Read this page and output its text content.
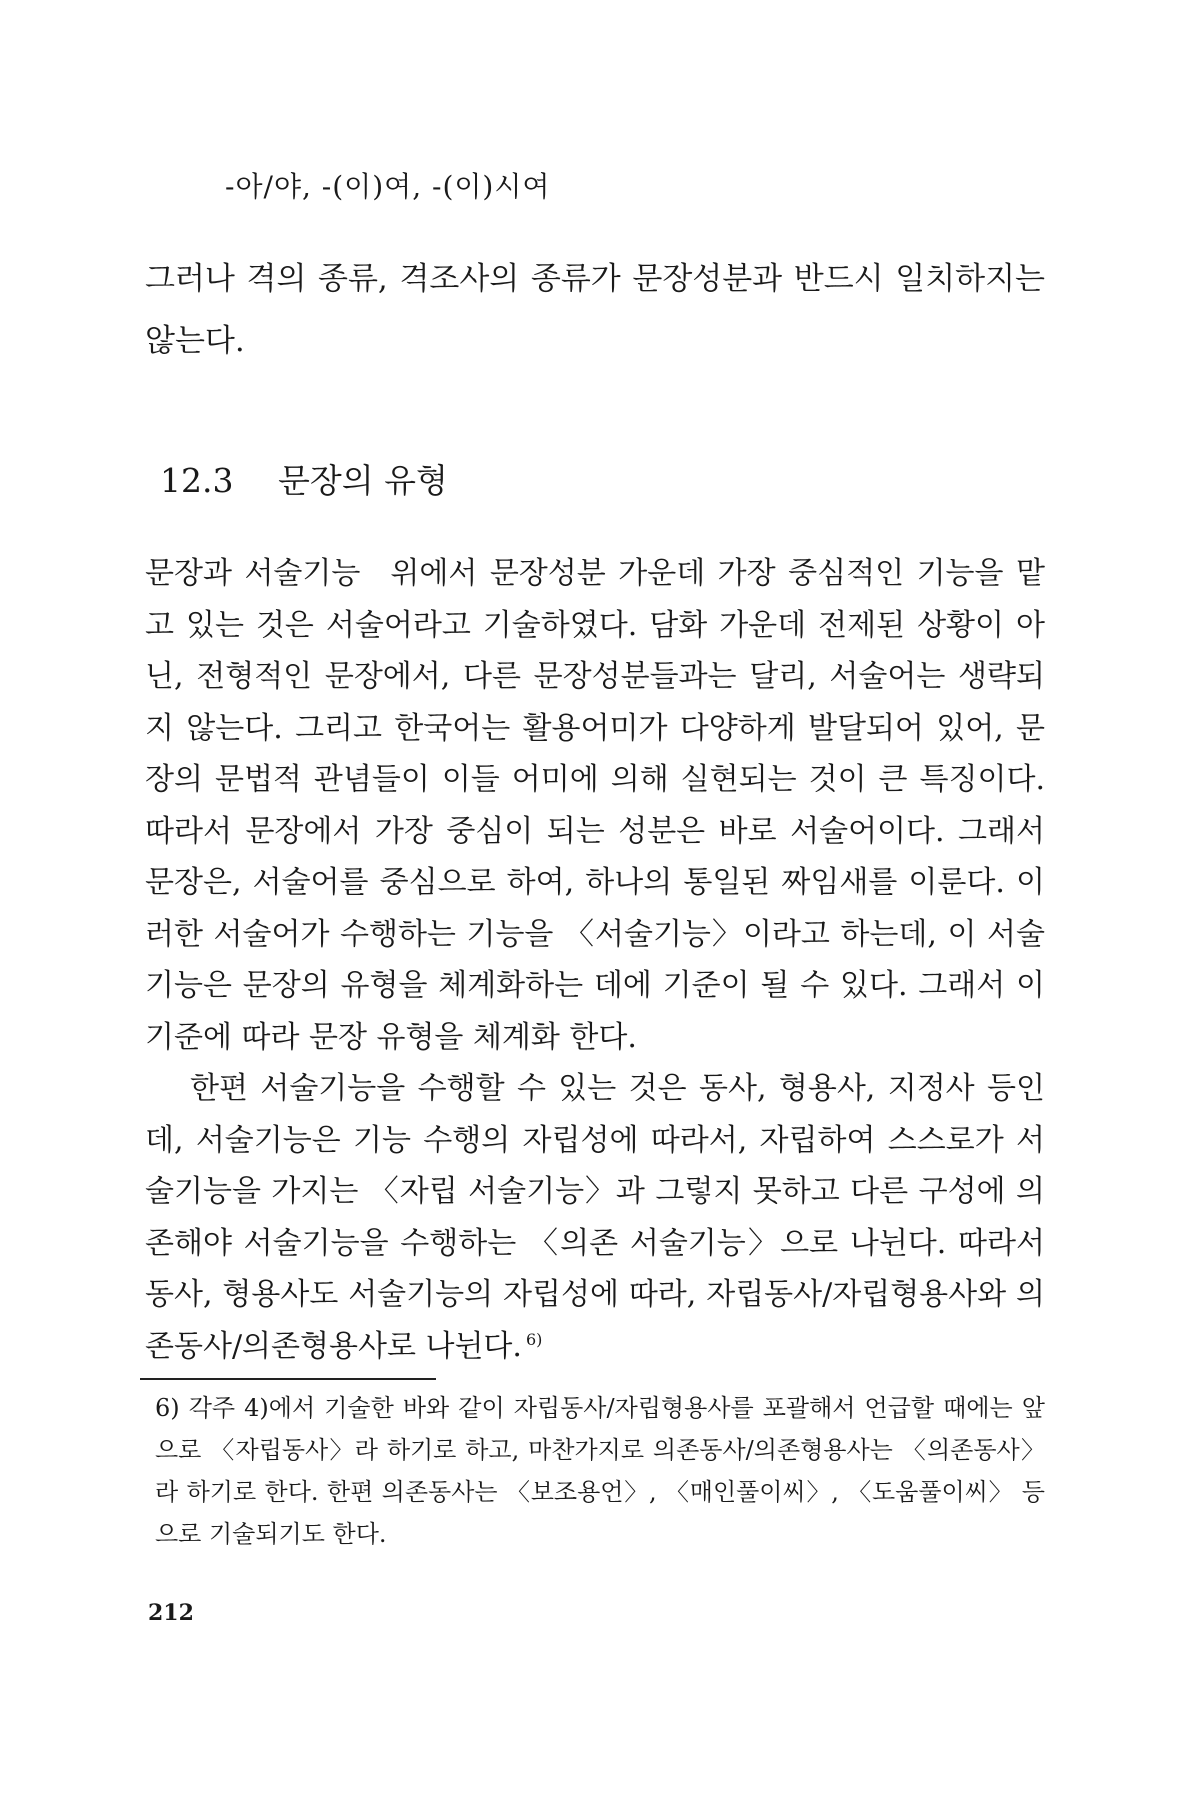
-아/야, -(이)여, -(이)시여

그러나 격의 종류, 격조사의 종류가 문장성분과 반드시 일치하지는 않는다.

12.3 문장의 유형

문장과 서술기능 위에서 문장성분 가운데 가장 중심적인 기능을 맡고 있는 것은 서술어라고 기술하였다. 담화 가운데 전제된 상황이 아닌, 전형적인 문장에서, 다른 문장성분들과는 달리, 서술어는 생략되지 않는다. 그리고 한국어는 활용어미가 다양하게 발달되어 있어, 문장의 문법적 관념들이 이들 어미에 의해 실현되는 것이 큰 특징이다. 따라서 문장에서 가장 중심이 되는 성분은 바로 서술어이다. 그래서 문장은, 서술어를 중심으로 하여, 하나의 통일된 짜임새를 이룬다. 이러한 서술어가 수행하는 기능을 〈서술기능〉이라고 하는데, 이 서술기능은 문장의 유형을 체계화하는 데에 기준이 될 수 있다. 그래서 이 기준에 따라 문장 유형을 체계화 한다.

한편 서술기능을 수행할 수 있는 것은 동사, 형용사, 지정사 등인데, 서술기능은 기능 수행의 자립성에 따라서, 자립하여 스스로가 서술기능을 가지는 〈자립 서술기능〉과 그렇지 못하고 다른 구성에 의존해야 서술기능을 수행하는 〈의존 서술기능〉으로 나뉜다. 따라서 동사, 형용사도 서술기능의 자립성에 따라, 자립동사/자립형용사와 의존동사/의존형용사로 나뉜다. $^{6)}$

6) 각주 4)에서 기술한 바와 같이 자립동사/자립형용사를 포괄해서 언급할 때에는 앞으로 〈자립동사〉라 하기로 하고, 마찬가지로 의존동사/의존형용사는 〈의존동사〉라 하기로 한다. 한편 의존동사는 〈보조용언〉, 〈매인풀이씨〉, 〈도움풀이씨〉 등으로 기술되기도 한다.

212
